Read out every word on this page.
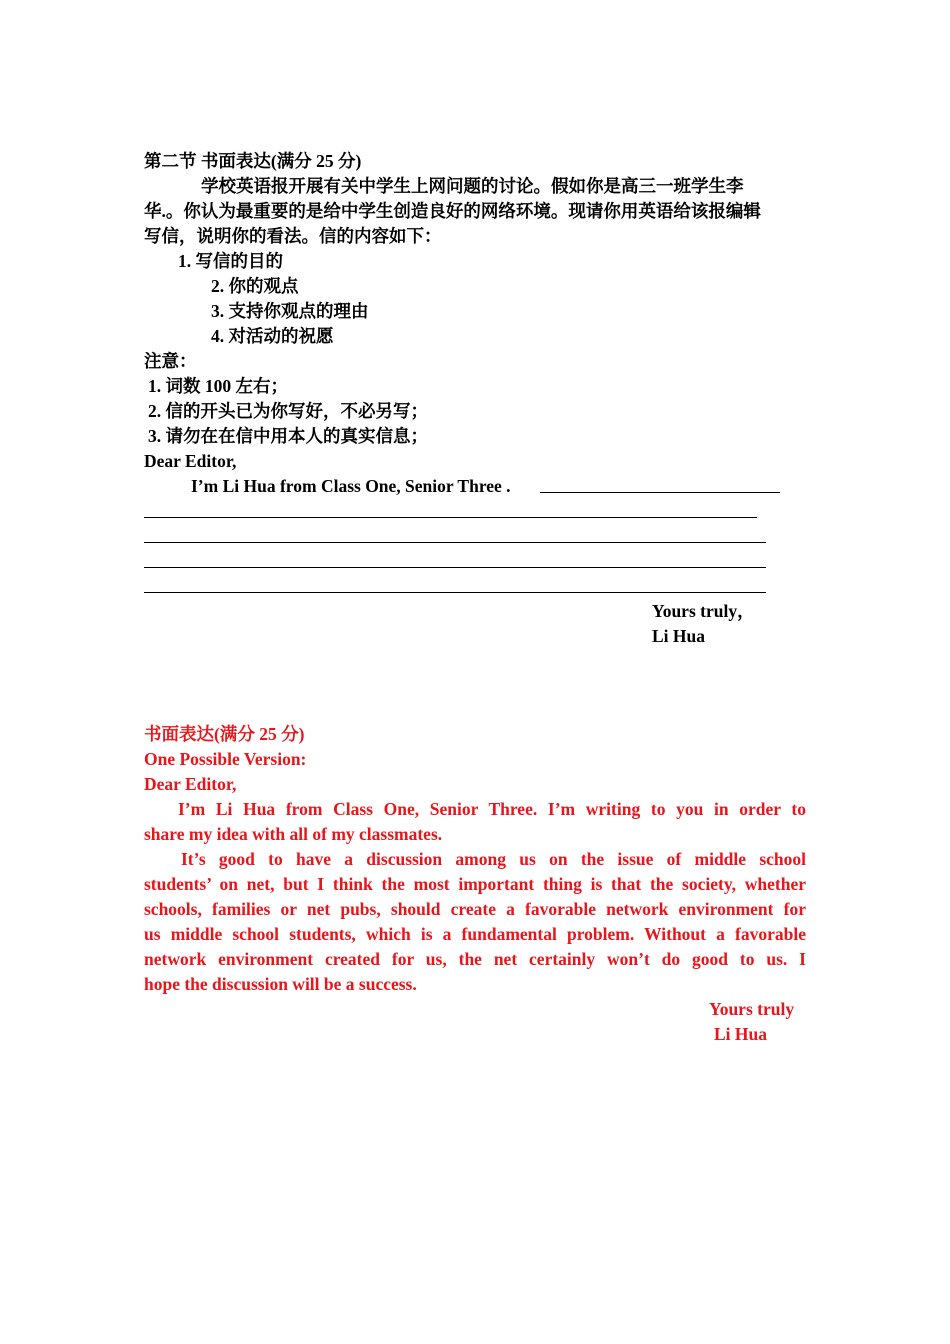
第二节 书面表达(满分 25 分)
学校英语报开展有关中学生上网问题的讨论。假如你是高三一班学生李
华.。你认为最重要的是给中学生创造良好的网络环境。现请你用英语给该报编辑
写信，说明你的看法。信的内容如下：
1. 写信的目的
2. 你的观点
3. 支持你观点的理由
4. 对活动的祝愿
注意：
1. 词数 100 左右；
2. 信的开头已为你写好，不必另写；
3. 请勿在在信中用本人的真实信息；
Dear Editor,
I’m Li Hua from Class One, Senior Three .
Yours truly，
Li Hua
书面表达(满分 25 分)
One Possible Version:
Dear Editor,
I’m Li Hua from Class One, Senior Three. I’m writing to you in order to
share my idea with all of my classmates.
It’s good to have a discussion among us on the issue of middle school
students’ on net, but I think the most important thing is that the society, whether
schools, families or net pubs, should create a favorable network environment for
us middle school students, which is a fundamental problem. Without a favorable
network environment created for us, the net certainly won’t do good to us. I
hope the discussion will be a success.
Yours truly
Li Hua
